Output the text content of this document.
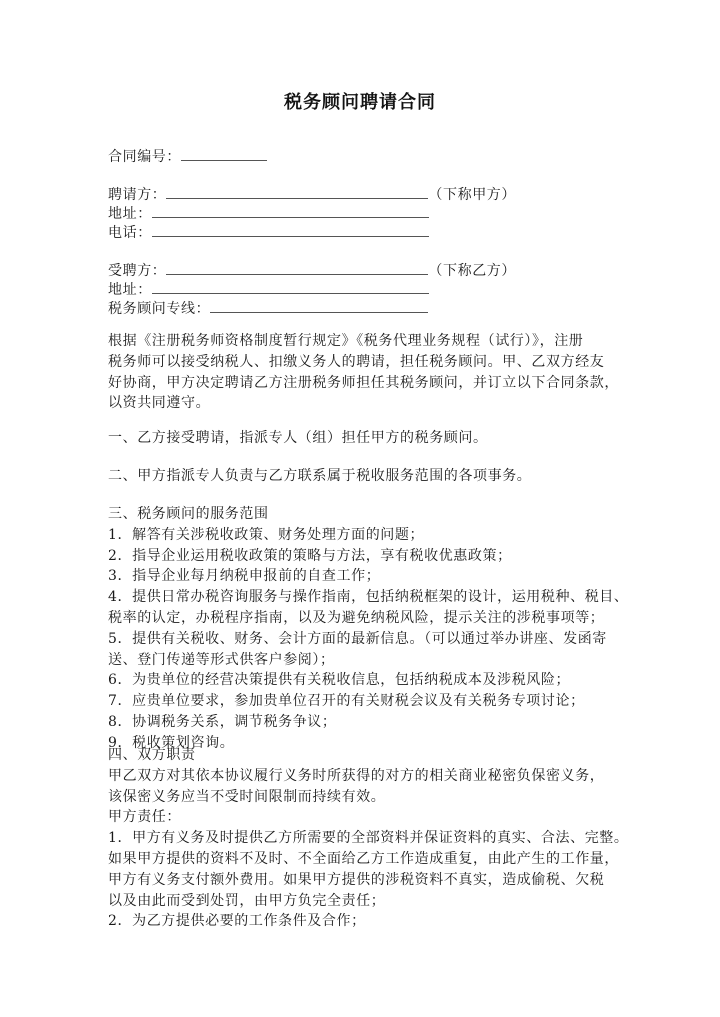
税务顾问聘请合同
合同编号：
聘请方：	（下称甲方）
地址：
电话：
受聘方：	（下称乙方）
地址：
税务顾问专线：
根据《注册税务师资格制度暂行规定》《税务代理业务规程（试行）》，注册
税务师可以接受纳税人、扣缴义务人的聘请，担任税务顾问。甲、乙双方经友
好协商，甲方决定聘请乙方注册税务师担任其税务顾问，并订立以下合同条款，
以资共同遵守。
一、乙方接受聘请，指派专人（组）担任甲方的税务顾问。
二、甲方指派专人负责与乙方联系属于税收服务范围的各项事务。
三、税务顾问的服务范围
1．解答有关涉税收政策、财务处理方面的问题；
2．指导企业运用税收政策的策略与方法，享有税收优惠政策；
3．指导企业每月纳税申报前的自查工作；
4．提供日常办税咨询服务与操作指南，包括纳税框架的设计，运用税种、税目、
税率的认定，办税程序指南，以及为避免纳税风险，提示关注的涉税事项等；
5．提供有关税收、财务、会计方面的最新信息。（可以通过举办讲座、发函寄
送、登门传递等形式供客户参阅）；
6．为贵单位的经营决策提供有关税收信息，包括纳税成本及涉税风险；
7．应贵单位要求，参加贵单位召开的有关财税会议及有关税务专项讨论；
8．协调税务关系，调节税务争议；
9．税收策划咨询。
四、双方职责
甲乙双方对其依本协议履行义务时所获得的对方的相关商业秘密负保密义务，
该保密义务应当不受时间限制而持续有效。
甲方责任：
1．甲方有义务及时提供乙方所需要的全部资料并保证资料的真实、合法、完整。
如果甲方提供的资料不及时、不全面给乙方工作造成重复，由此产生的工作量，
甲方有义务支付额外费用。如果甲方提供的涉税资料不真实，造成偷税、欠税
以及由此而受到处罚，由甲方负完全责任；
2．为乙方提供必要的工作条件及合作；
